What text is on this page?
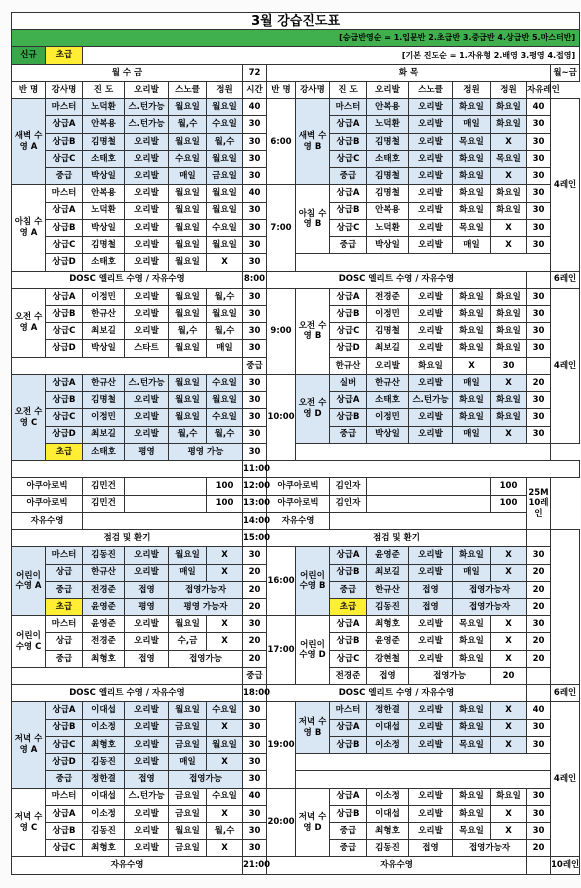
3월 강습진도표															
[승급반영순 = 1.입문반 2.초급반 3.중급반 4.상급반 5.마스터반]															
신규	초급	[기본 진도순 = 1.자유형 2.배영 3.평영 4.접영]													
월 수 금						72	화 목								월~금
반 명	강사명	진 도	오리발	스노클	정원	시간	반 명	강사명	진 도	오리발	스노클	정원	정원	자유레인	
새벽 수영 A	마스터	노덕환	스.턴가능	월요일	월요일	40	6:00	새벽 수영 B	마스터	안복용	오리발	화요일	화요일	40	4레인
	상급A	안복용	스.턴가능	월,수	수요일	30			상급A	노덕환	오리발	매일	화요일	30	
	상급B	김명철	오리발	월요일	월,수	30			상급B	김명철	오리발	목요일	X	30	
	상급C	소태호	오리발	수요일	월요일	30			상급C	소태호	오리발	화요일	목요일	30	
	중급	박상일	오리발	매일	금요일	30			중급	김명철	오리발	화요일	X	30	
아침 수영 A	마스터	안복용	오리발	월요일	월요일	40	7:00	아침 수영 B	상급A	김명철	오리발	화요일	화요일	30	
	상급A	노덕환	오리발	월요일	월요일	30			상급B	안복용	오리발	화요일	화요일	30	
	상급B	박상일	오리발	월요일	수요일	30			상급C	노덕환	오리발	목요일	X	30	
	상급C	김명철	오리발	월요일	월요일	30			중급	박상일	오리발	매일	X	30	
	상급D	소태호	오리발	월요일	X	30									
DOSC 엘리트 수영 / 자유수영						8:00	DOSC 엘리트 수영 / 자유수영								6레인
오전 수영 A	상급A	이정민	오리발	월요일	월,수	30	9:00	오전 수영 B	상급A	전경준	오리발	화요일	화요일	30	4레인
	상급B	한규산	오리발	월요일	월요일	30			상급B	이정민	오리발	화요일	화요일	30	
	상급C	최보길	오리발	월,수	월,수	30			상급C	김명철	오리발	화요일	화요일	30	
	상급D	박상일	스타트	월요일	매일	30			상급D	최보길	오리발	화요일	화요일	30	
						중급			한규산	오리발	화요일	X	30		
오전 수영 C	상급A	한규산	스.턴가능	월요일	수요일	30	10:00	오전 수영 D	실버	한규산	오리발	매일	X	20	
	상급B	김명철	오리발	월요일	월요일	30			상급A	소태호	스.턴가능	화요일	화요일	30	
	상급C	이정민	오리발	월요일	수요일	30			상급B	이정민	오리발	화요일	화요일	30	
	상급D	최보길	오리발	월,수	월,수	30			중급	박상일	오리발	매일	X	30	
	초급	소태호	평영	평영 가능		30									
						11:00									
아쿠아로빅		김민건			100	12:00	아쿠아로빅		김인자				100	25M 10레인	
아쿠아로빅		김민건			100	13:00	아쿠아로빅		김인자				100		
자유수영						14:00	자유수영								
점검 및 환기						15:00	점검 및 환기								
어린이 수영 A	마스터	김동진	오리발	월요일	X	30	16:00	어린이 수영 B	상급A	윤영준	오리발	화요일	X	30	
	상급	한규산	오리발	매일	X	20			상급B	최보길	오리발	매일	X	20	
	중급	전경준	접영	접영가능자		20			중급	한규산	접영	접영가능자		20	
	초급	윤영준	평영	평영 가능자		20			초급	김동진	접영	접영가능자		20	
어린이 수영 C	마스터	윤영준	오리발	월요일	X	30	17:00	어린이 수영 D	상급A	최형호	오리발	목요일	X	30	
	상급	전경준	오리발	수,금	X	20			상급B	윤영준	오리발	화요일	X	20	
	중급	최형호	접영	접영가능		20			상급C	강현철	오리발	화요일	X	20	
						중급			전경준	접영	접영가능		20		
DOSC 엘리트 수영 / 자유수영						18:00	DOSC 엘리트 수영 / 자유수영								6레인
저녁 수영 A	상급A	이대섭	오리발	월요일	수요일	30	19:00	저녁 수영 B	마스터	정한결	오리발	화요일	X	40	4레인
	상급B	이소정	오리발	금요일	X	30			상급A	이대섭	오리발	화요일	X	30	
	상급C	최형호	오리발	금요일	월요일	30			상급B	이소정	오리발	목요일	X	30	
	상급D	김동진	오리발	매일	X	30									
	중급	정한결	접영	접영가능		30									
저녁 수영 C	마스터	이대섭	스.턴가능	금요일	수요일	40	20:00	저녁 수영 D	상급A	이소정	오리발	화요일	화요일	30	
	상급A	이소정	오리발	금요일	X	30			상급B	이대섭	오리발	화요일	X	30	
	상급B	김동진	오리발	월요일	월,수	30			중급	최형호	오리발	목요일	X	30	
	상급C	최형호	오리발	금요일	X	30			중급	김동진	접영	접영가능자		20	
자유수영						21:00	자유수영								10레인
